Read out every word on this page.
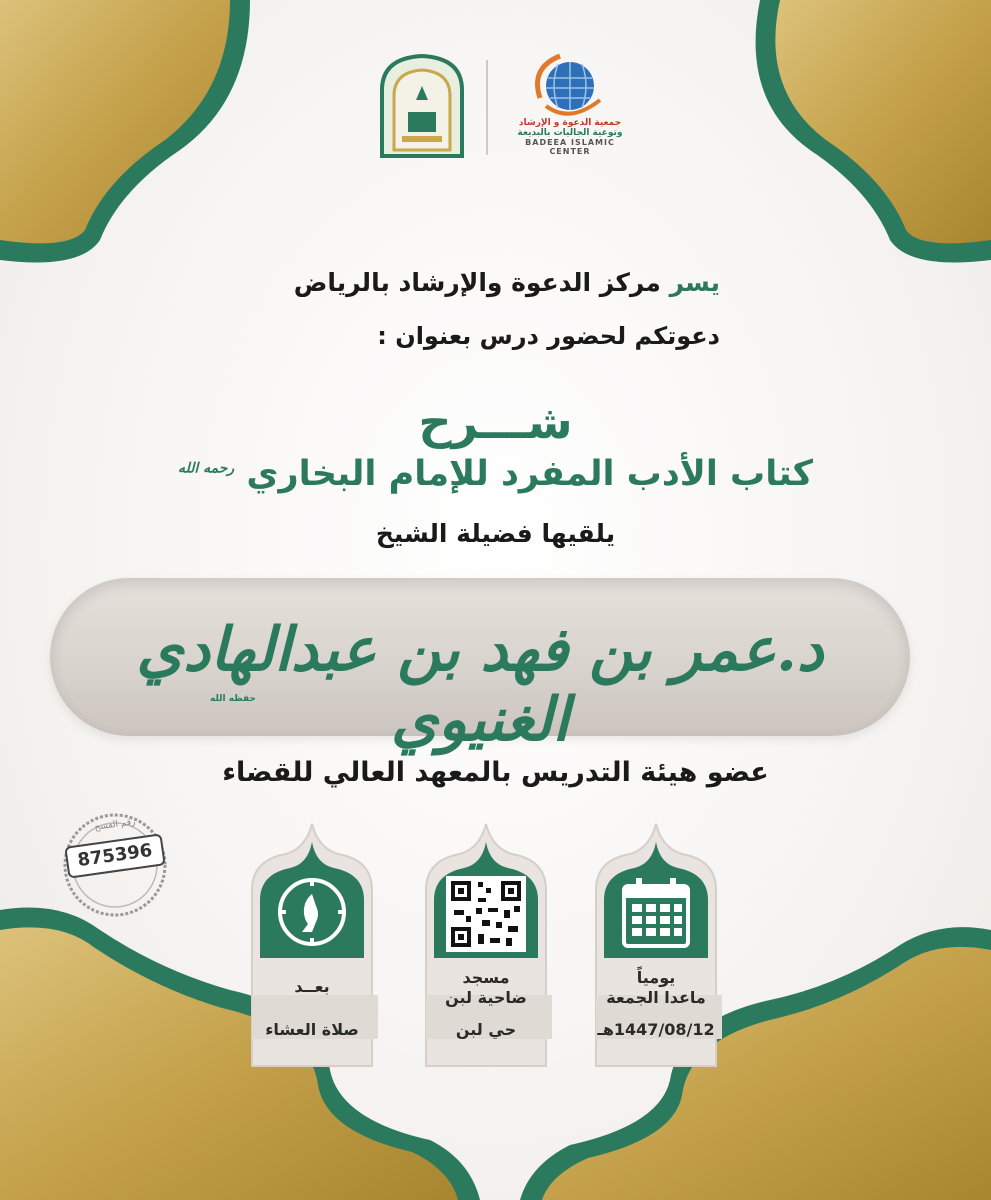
جمعية الدعوة و الإرشاد
وتوعية الجاليات بالبديعة
BADEEA ISLAMIC CENTER
يسر مركز الدعوة والإرشاد بالرياض
دعوتكم لحضور درس بعنوان :
شـــرح
كتاب الأدب المفرد للإمام البخاري $^{رحمه الله}$
يلقيها فضيلة الشيخ
د.عمر بن فهد بن عبدالهادي الغنيوي
حفظه الله
عضو هيئة التدريس بالمعهد العالي للقضاء
رقم الفسح
875396
بعــد
صلاة العشاء
مسجد
ضاحية لبن
حي لبن
يومياً
ماعدا الجمعة
1447/08/12هـ
